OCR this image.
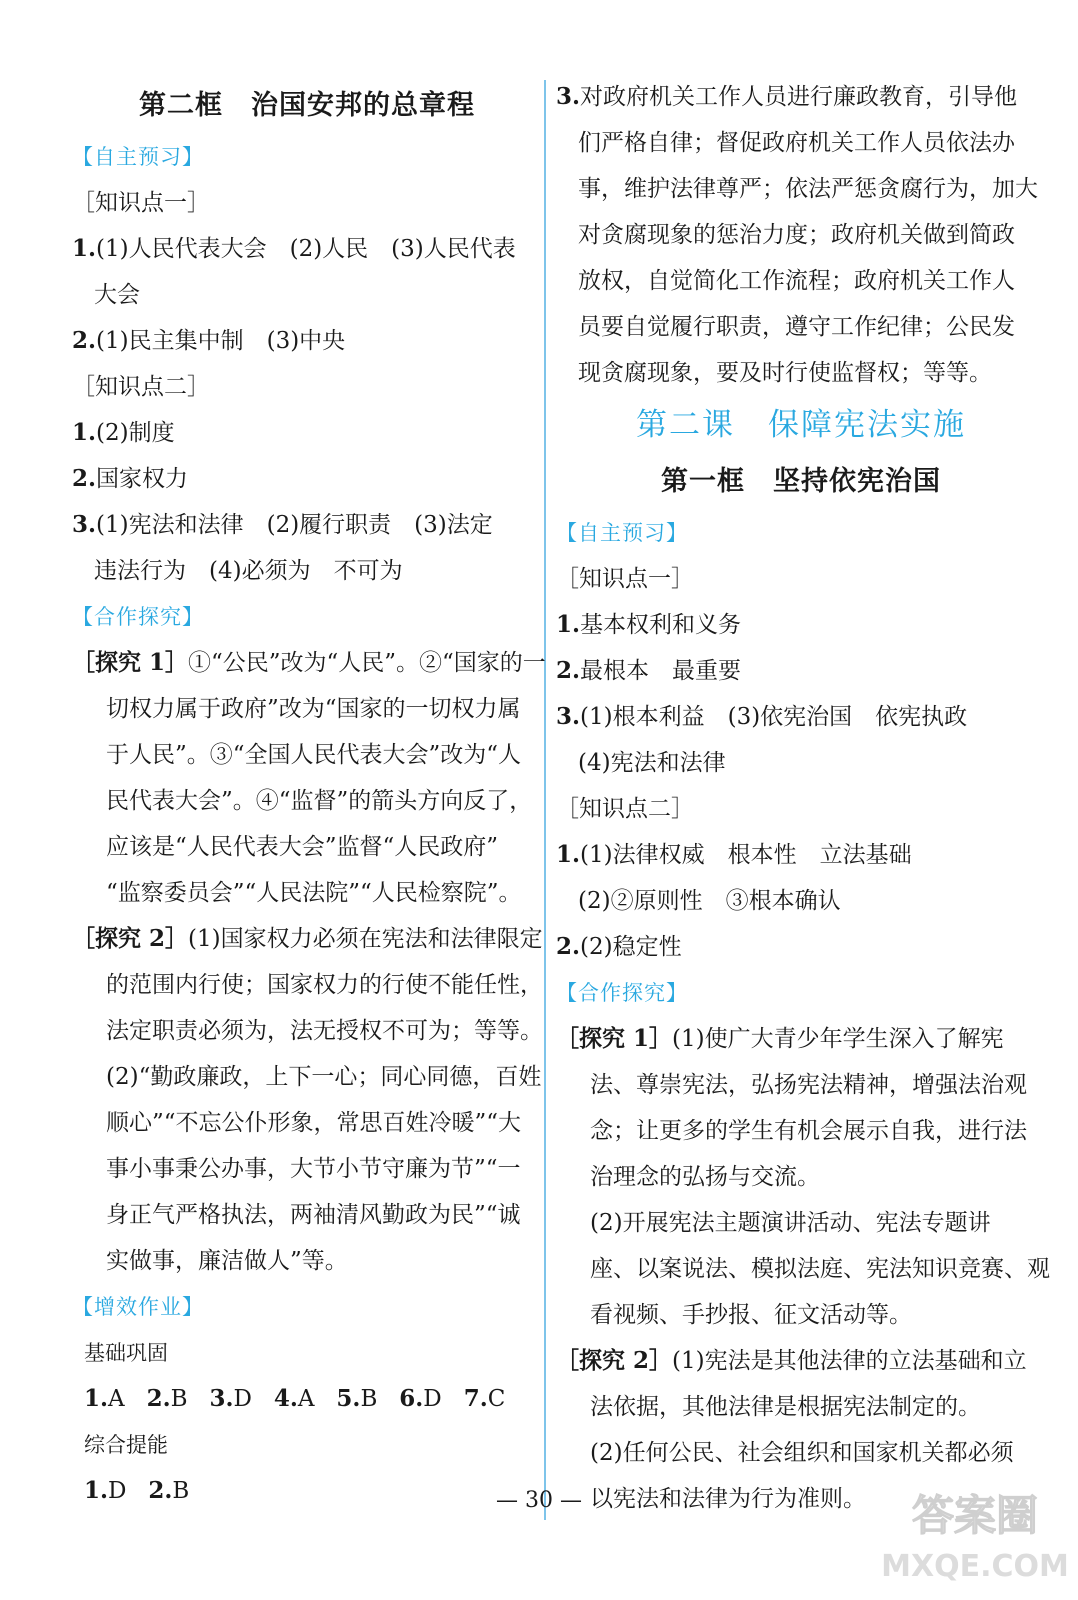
第二框　治国安邦的总章程
【自主预习】
［知识点一］
1.(1)人民代表大会　(2)人民　(3)人民代表
大会
2.(1)民主集中制　(3)中央
［知识点二］
1.(2)制度
2.国家权力
3.(1)宪法和法律　(2)履行职责　(3)法定
违法行为　(4)必须为　不可为
【合作探究】
［探究 1］①“公民”改为“人民”。②“国家的一
切权力属于政府”改为“国家的一切权力属
于人民”。③“全国人民代表大会”改为“人
民代表大会”。④“监督”的箭头方向反了，
应该是“人民代表大会”监督“人民政府”
“监察委员会”“人民法院”“人民检察院”。
［探究 2］(1)国家权力必须在宪法和法律限定
的范围内行使；国家权力的行使不能任性，
法定职责必须为，法无授权不可为；等等。
(2)“勤政廉政，上下一心；同心同德，百姓
顺心”“不忘公仆形象，常思百姓冷暖”“大
事小事秉公办事，大节小节守廉为节”“一
身正气严格执法，两袖清风勤政为民”“诚
实做事，廉洁做人”等。
【增效作业】
基础巩固
1.A 2.B 3.D 4.A 5.B 6.D 7.C
综合提能
1.D 2.B
3.对政府机关工作人员进行廉政教育，引导他
们严格自律；督促政府机关工作人员依法办
事，维护法律尊严；依法严惩贪腐行为，加大
对贪腐现象的惩治力度；政府机关做到简政
放权，自觉简化工作流程；政府机关工作人
员要自觉履行职责，遵守工作纪律；公民发
现贪腐现象，要及时行使监督权；等等。
第二课　保障宪法实施
第一框　坚持依宪治国
【自主预习】
［知识点一］
1.基本权利和义务
2.最根本　最重要
3.(1)根本利益　(3)依宪治国　依宪执政
(4)宪法和法律
［知识点二］
1.(1)法律权威　根本性　立法基础
(2)②原则性　③根本确认
2.(2)稳定性
【合作探究】
［探究 1］(1)使广大青少年学生深入了解宪
法、尊崇宪法，弘扬宪法精神，增强法治观
念；让更多的学生有机会展示自我，进行法
治理念的弘扬与交流。
(2)开展宪法主题演讲活动、宪法专题讲
座、以案说法、模拟法庭、宪法知识竞赛、观
看视频、手抄报、征文活动等。
［探究 2］(1)宪法是其他法律的立法基础和立
法依据，其他法律是根据宪法制定的。
(2)任何公民、社会组织和国家机关都必须
以宪法和法律为行为准则。
— 30 —	答案圈
MXQE.COM
